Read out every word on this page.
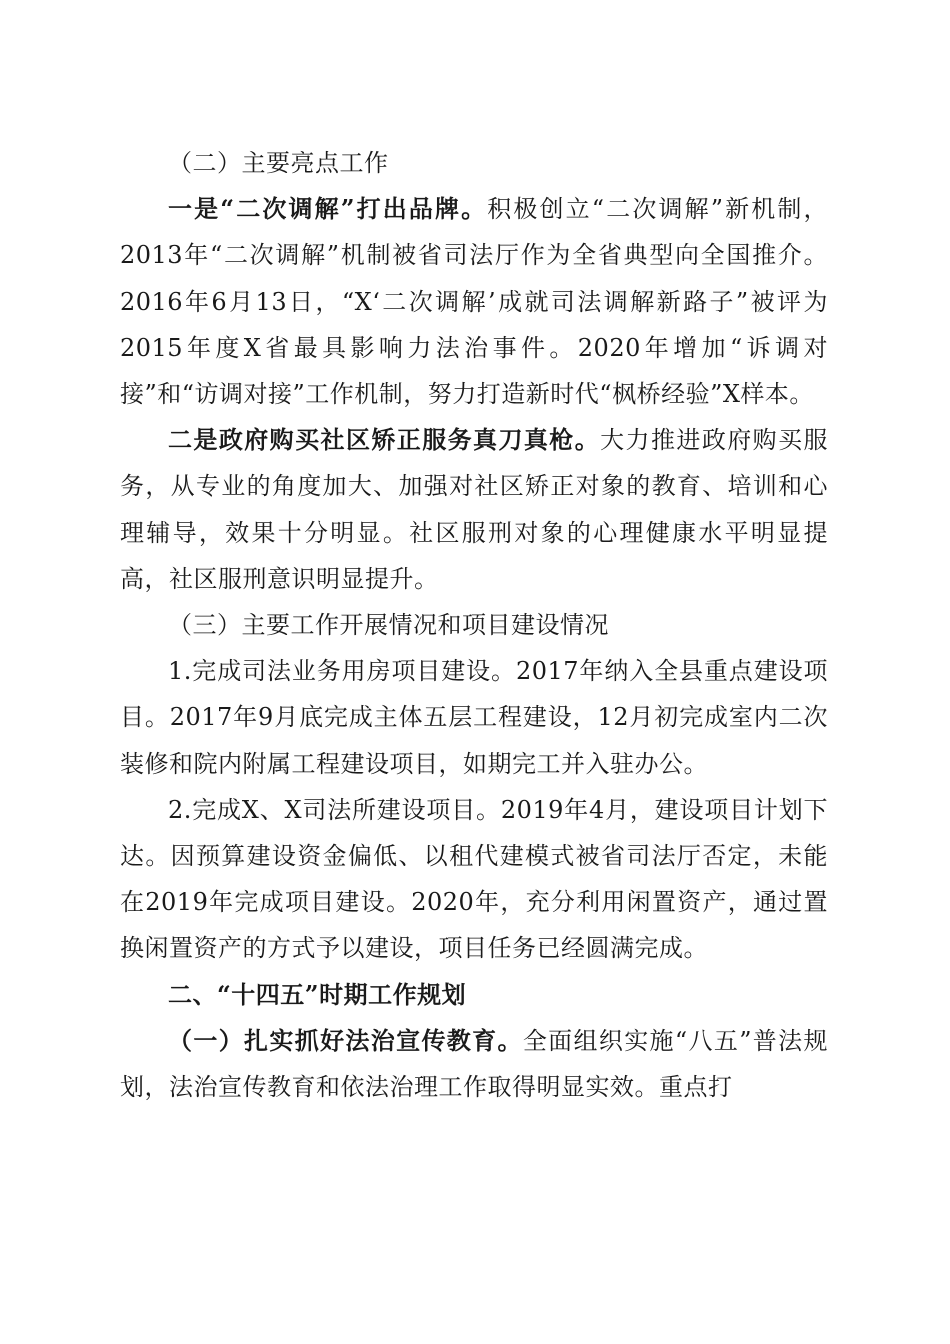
（二）主要亮点工作

一是“二次调解”打出品牌。积极创立“二次调解”新机制，2013年“二次调解”机制被省司法厅作为全省典型向全国推介。2016年6月13日，“X‘二次调解’成就司法调解新路子”被评为2015年度X省最具影响力法治事件。2020年增加“诉调对接”和“访调对接”工作机制，努力打造新时代“枫桥经验”X样本。

二是政府购买社区矫正服务真刀真枪。大力推进政府购买服务，从专业的角度加大、加强对社区矫正对象的教育、培训和心理辅导，效果十分明显。社区服刑对象的心理健康水平明显提高，社区服刑意识明显提升。

（三）主要工作开展情况和项目建设情况

1.完成司法业务用房项目建设。2017年纳入全县重点建设项目。2017年9月底完成主体五层工程建设，12月初完成室内二次装修和院内附属工程建设项目，如期完工并入驻办公。

2.完成X、X司法所建设项目。2019年4月，建设项目计划下达。因预算建设资金偏低、以租代建模式被省司法厅否定，未能在2019年完成项目建设。2020年，充分利用闲置资产，通过置换闲置资产的方式予以建设，项目任务已经圆满完成。

二、“十四五”时期工作规划

（一）扎实抓好法治宣传教育。全面组织实施“八五”普法规划，法治宣传教育和依法治理工作取得明显实效。重点打
